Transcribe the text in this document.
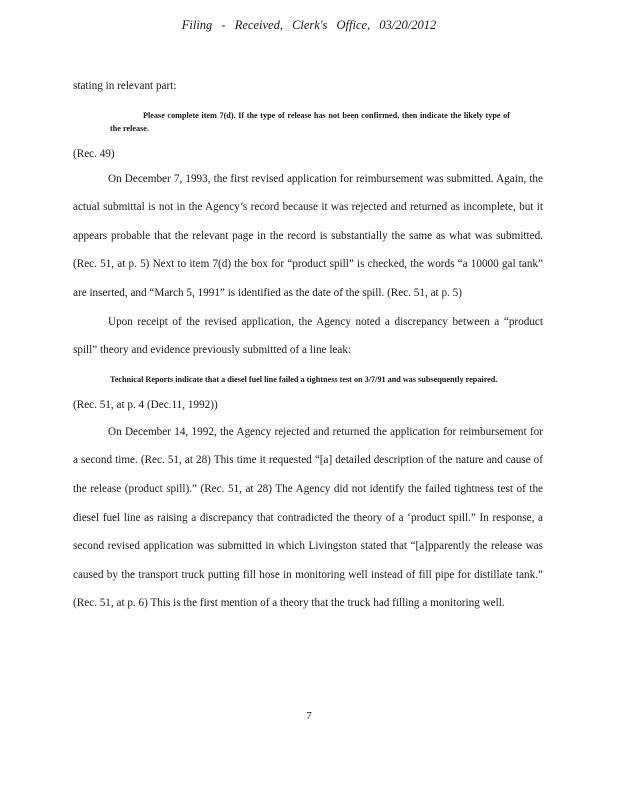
Filing - Received, Clerk's Office, 03/20/2012

stating in relevant part:

Please complete item 7(d). If the type of release has not been confirmed, then indicate the likely type of the release.

(Rec. 49)

On December 7, 1993, the first revised application for reimbursement was submitted. Again, the actual submittal is not in the Agency’s record because it was rejected and returned as incomplete, but it appears probable that the relevant page in the record is substantially the same as what was submitted. (Rec. 51, at p. 5) Next to item 7(d) the box for “product spill” is checked, the words “a 10000 gal tank” are inserted, and “March 5, 1991” is identified as the date of the spill. (Rec. 51, at p. 5)

Upon receipt of the revised application, the Agency noted a discrepancy between a “product spill” theory and evidence previously submitted of a line leak:

Technical Reports indicate that a diesel fuel line failed a tightness test on 3/7/91 and was subsequently repaired.

(Rec. 51, at p. 4 (Dec.11, 1992))

On December 14, 1992, the Agency rejected and returned the application for reimbursement for a second time. (Rec. 51, at 28) This time it requested “[a] detailed description of the nature and cause of the release (product spill).” (Rec. 51, at 28) The Agency did not identify the failed tightness test of the diesel fuel line as raising a discrepancy that contradicted the theory of a ‘product spill.” In response, a second revised application was submitted in which Livingston stated that “[a]pparently the release was caused by the transport truck putting fill hose in monitoring well instead of fill pipe for distillate tank.” (Rec. 51, at p. 6) This is the first mention of a theory that the truck had filling a monitoring well.

7
